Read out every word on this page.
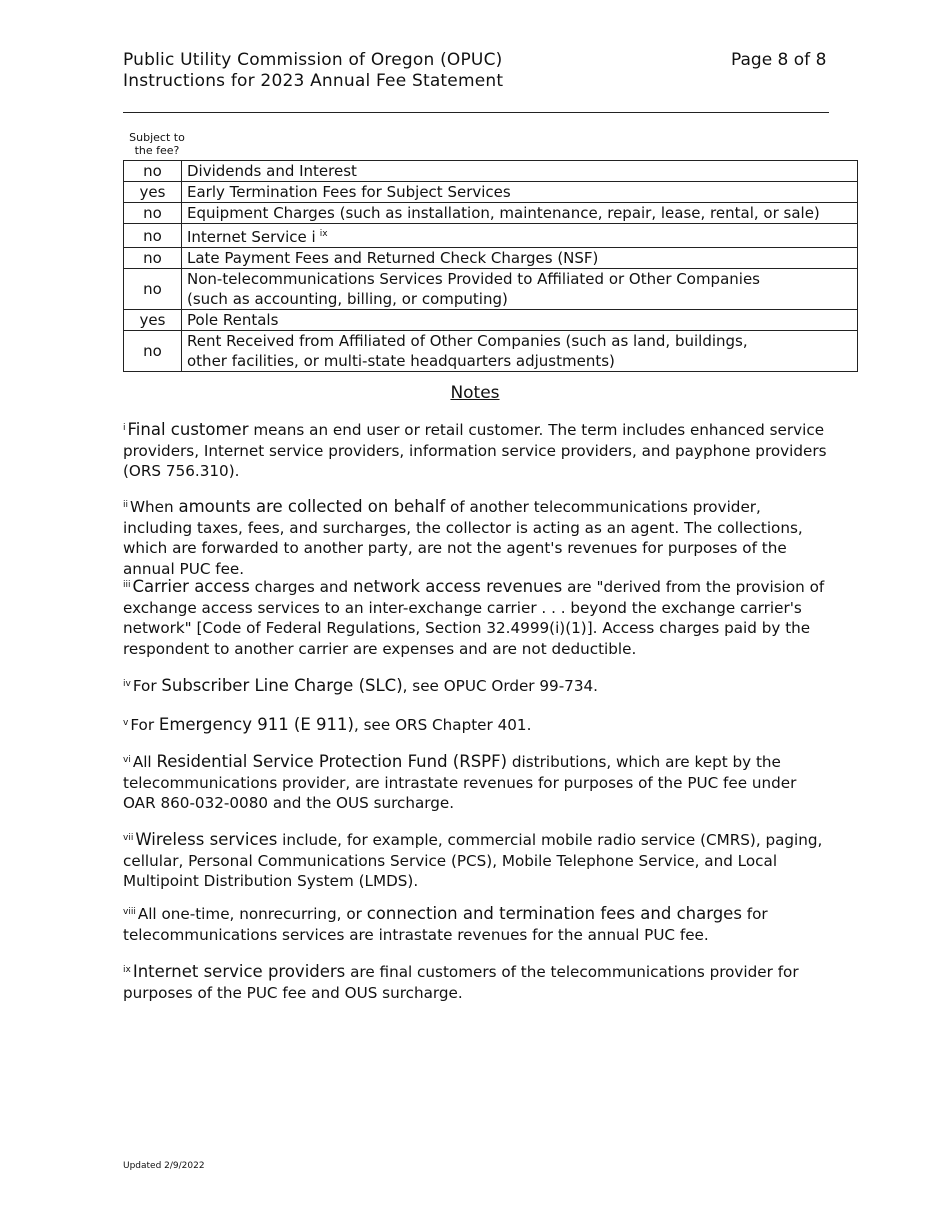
Public Utility Commission of Oregon (OPUC)
Instructions for 2023 Annual Fee Statement
Page 8 of 8
Subject to the fee?
no	Dividends and Interest
yes	Early Termination Fees for Subject Services
no	Equipment Charges (such as installation, maintenance, repair, lease, rental, or sale)
no	Internet Service i $^{ix}$
no	Late Payment Fees and Returned Check Charges (NSF)
no	Non-telecommunications Services Provided to Affiliated or Other Companies
(such as accounting, billing, or computing)

yes	Pole Rentals
no	Rent Received from Affiliated of Other Companies (such as land, buildings,
other facilities, or multi-state headquarters adjustments)
Notes
$^i$ Final customer means an end user or retail customer. The term includes enhanced service providers, Internet service providers, information service providers, and payphone providers (ORS 756.310).
$^{ii}$ When amounts are collected on behalf of another telecommunications provider, including taxes, fees, and surcharges, the collector is acting as an agent. The collections, which are forwarded to another party, are not the agent's revenues for purposes of the annual PUC fee.
$^{iii}$ Carrier access charges and network access revenues are "derived from the provision of exchange access services to an inter-exchange carrier . . . beyond the exchange carrier's network" [Code of Federal Regulations, Section 32.4999(i)(1)]. Access charges paid by the respondent to another carrier are expenses and are not deductible.
$^{iv}$ For Subscriber Line Charge (SLC), see OPUC Order 99-734.
$^v$ For Emergency 911 (E 911), see ORS Chapter 401.
$^{vi}$ All Residential Service Protection Fund (RSPF) distributions, which are kept by the telecommunications provider, are intrastate revenues for purposes of the PUC fee under OAR 860-032-0080 and the OUS surcharge.
$^{vii}$ Wireless services include, for example, commercial mobile radio service (CMRS), paging, cellular, Personal Communications Service (PCS), Mobile Telephone Service, and Local Multipoint Distribution System (LMDS).
$^{viii}$ All one-time, nonrecurring, or connection and termination fees and charges for telecommunications services are intrastate revenues for the annual PUC fee.
$^{ix}$ Internet service providers are final customers of the telecommunications provider for purposes of the PUC fee and OUS surcharge.
Updated 2/9/2022
